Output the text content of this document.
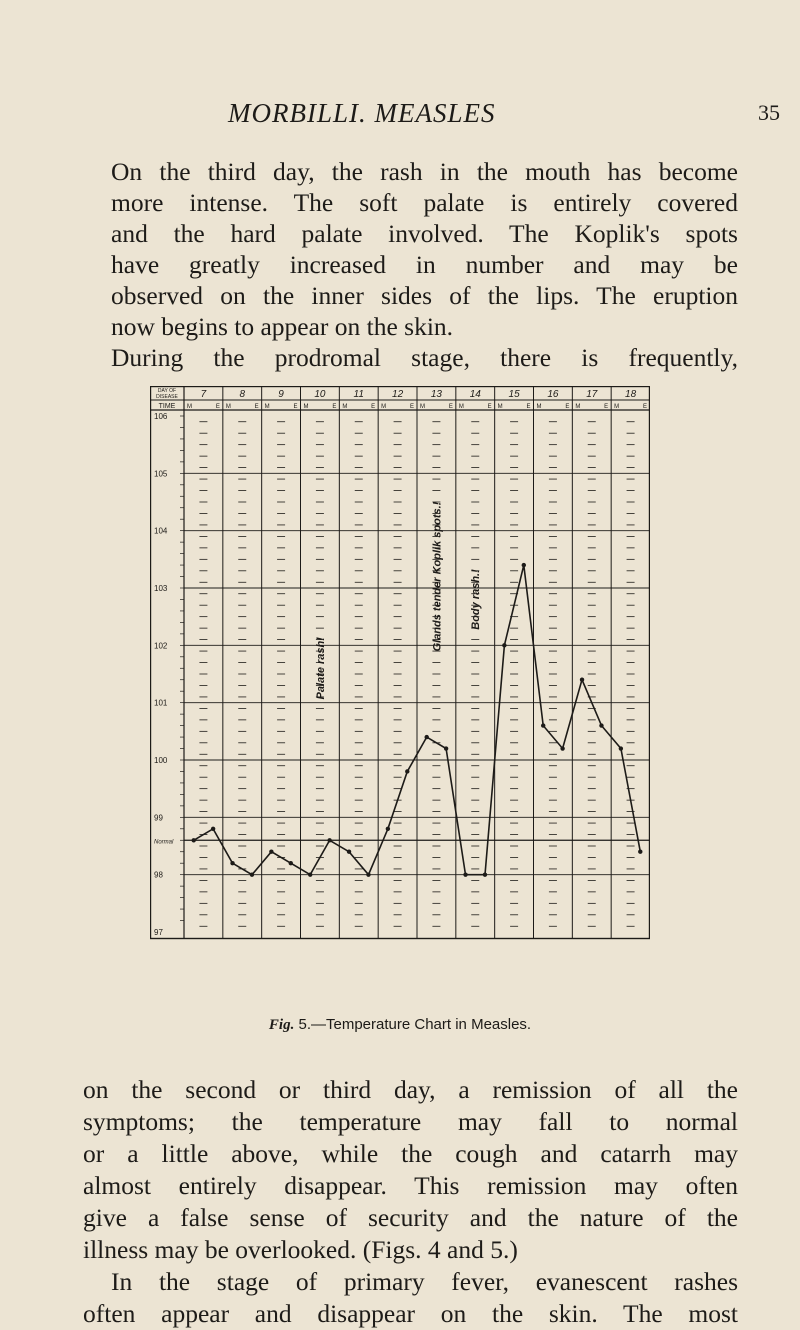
MORBILLI. MEASLES	35
On the third day, the rash in the mouth has become
more intense. The soft palate is entirely covered
and the hard palate involved. The Koplik's spots
have greatly increased in number and may be
observed on the inner sides of the lips. The eruption
now begins to appear on the skin.
During the prodromal stage, there is frequently,
DAY OF
DISEASE
TIME
7
M	E
8
M	E
9
M	E
10
M	E
11
M	E
12
M	E
13
M	E
14
M	E
15
M	E
16
M	E
17
M	E
18
M	E
106
105
104
103
102
101
100
99
Normal
98
97
Palate rash!
Glands tender Koplik spots.! Body rash.!
Fig. 5.—Temperature Chart in Measles.
on the second or third day, a remission of all the
symptoms; the temperature may fall to normal
or a little above, while the cough and catarrh may
almost entirely disappear. This remission may often
give a false sense of security and the nature of the
illness may be overlooked. (Figs. 4 and 5.)
In the stage of primary fever, evanescent rashes
often appear and disappear on the skin. The most
